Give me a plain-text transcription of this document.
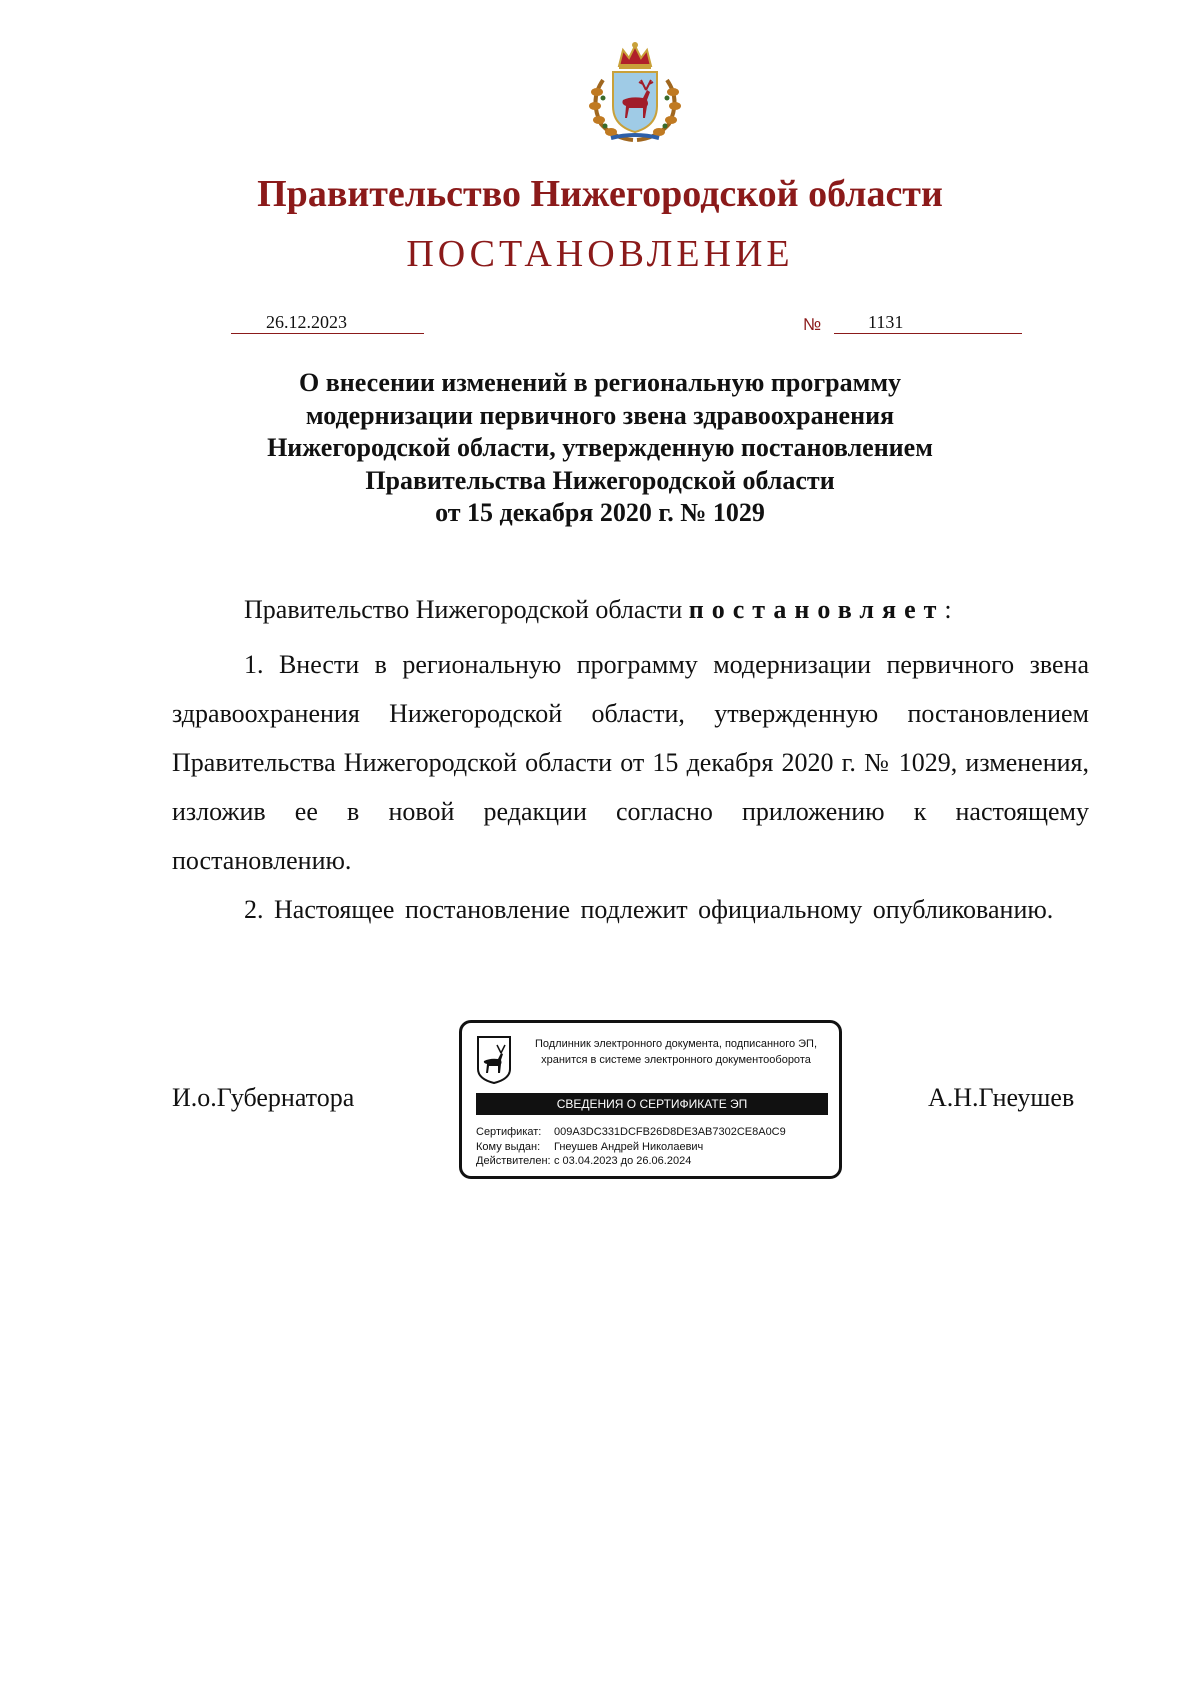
Правительство Нижегородской области
ПОСТАНОВЛЕНИЕ
26.12.2023	№	1131
О внесении изменений в региональную программу
модернизации первичного звена здравоохранения
Нижегородской области, утвержденную постановлением
Правительства Нижегородской области
от 15 декабря 2020 г. № 1029
Правительство Нижегородской области постановляет:
1. Внести в региональную программу модернизации первичного звена здравоохранения Нижегородской области, утвержденную постановлением Правительства Нижегородской области от 15 декабря 2020 г. № 1029, изменения, изложив ее в новой редакции согласно приложению к настоящему постановлению.
2. Настоящее постановление подлежит официальному опубликованию.
И.о.Губернатора	А.Н.Гнеушев
Подлинник электронного документа, подписанного ЭП,
хранится в системе электронного документооборота
СВЕДЕНИЯ О СЕРТИФИКАТЕ ЭП
Сертификат: 009A3DC331DCFB26D8DE3AB7302CE8A0C9
Кому выдан: Гнеушев Андрей Николаевич
Действителен: с 03.04.2023 до 26.06.2024
